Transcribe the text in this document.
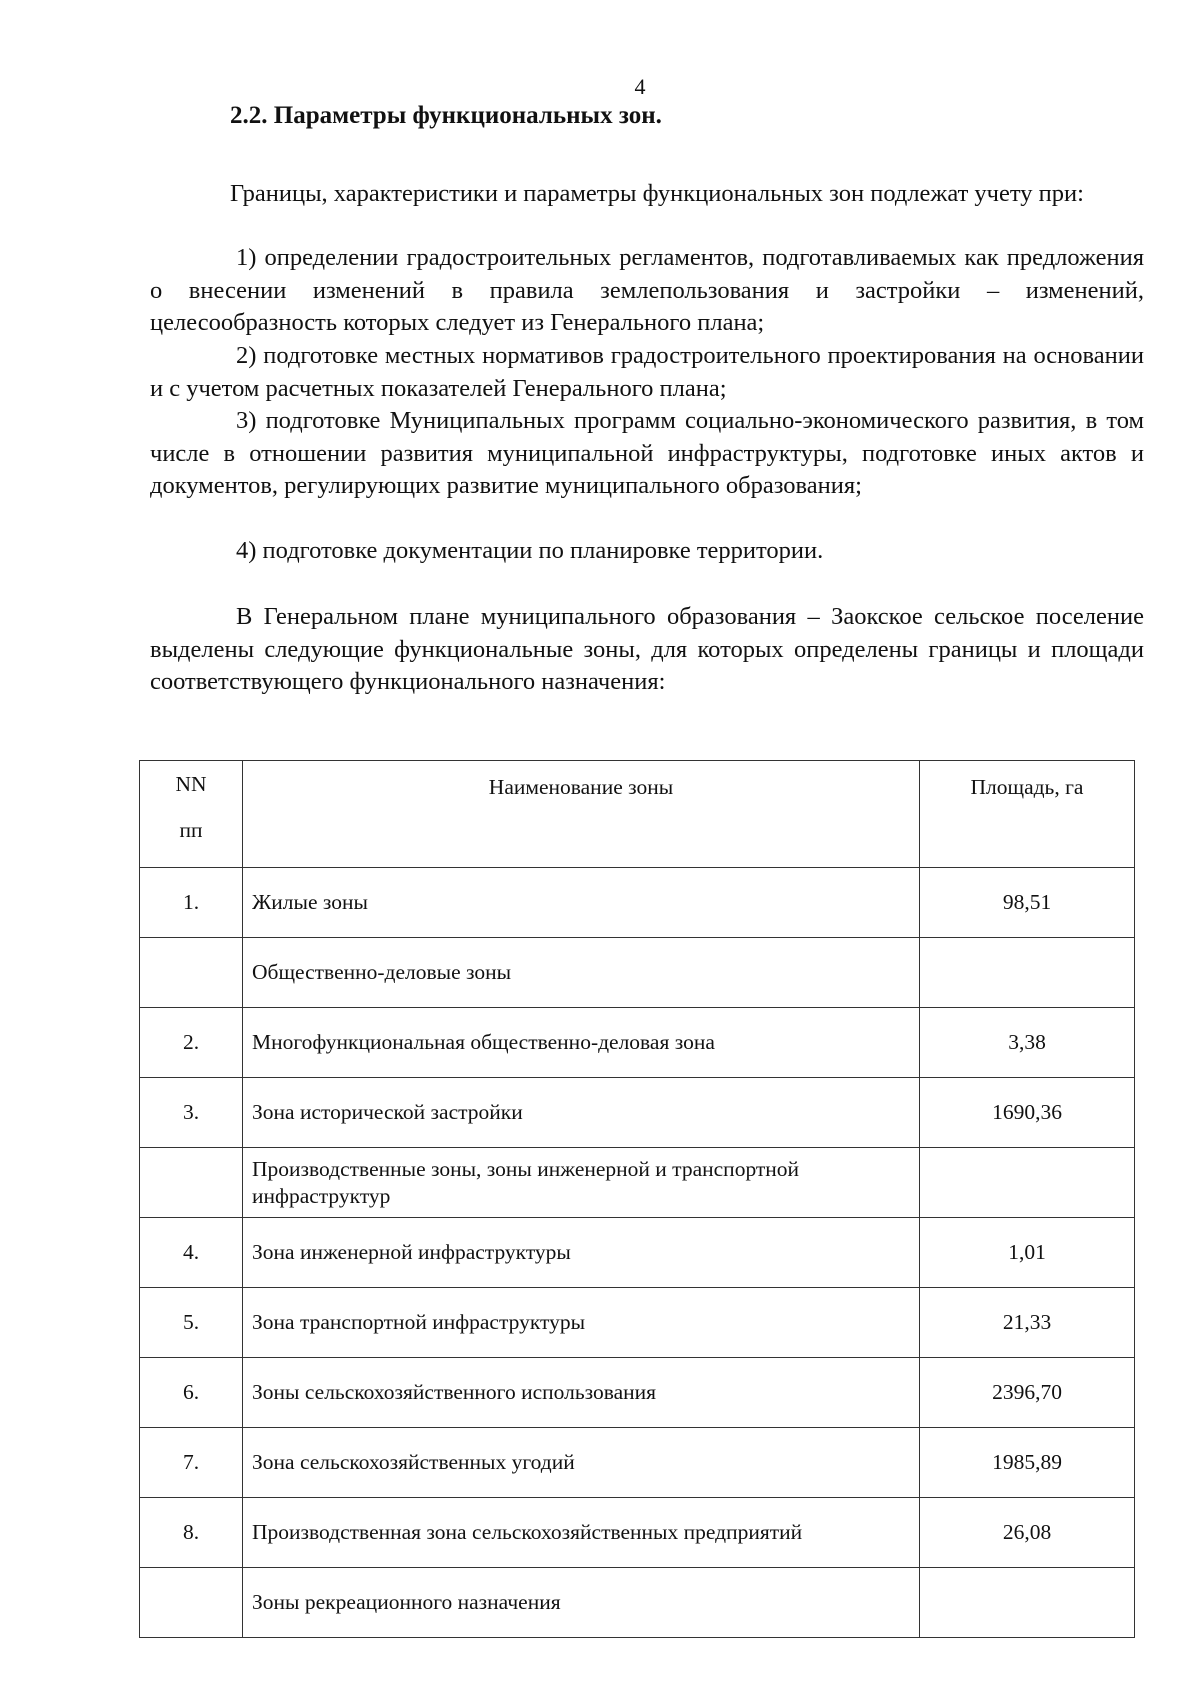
4
2.2. Параметры функциональных зон.

Границы, характеристики и параметры функциональных зон подлежат учету при:

1) определении градостроительных регламентов, подготавливаемых как предложения о внесении изменений в правила землепользования и застройки – изменений, целесообразность которых следует из Генерального плана;

2) подготовке местных нормативов градостроительного проектирования на основании и с учетом расчетных показателей Генерального плана;

3) подготовке Муниципальных программ социально-экономического развития, в том числе в отношении развития муниципальной инфраструктуры, подготовке иных актов и документов, регулирующих развитие муниципального образования;

4) подготовке документации по планировке территории.

В Генеральном плане муниципального образования – Заокское сельское поселение выделены следующие функциональные зоны, для которых определены границы и площади соответствующего функционального назначения:

NN
пп	Наименование зоны	Площадь, га
1.	Жилые зоны	98,51
	Общественно-деловые зоны	
2.	Многофункциональная общественно-деловая зона	3,38
3.	Зона исторической застройки	1690,36
	Производственные зоны, зоны инженерной и транспортной инфраструктур	
4.	Зона инженерной инфраструктуры	1,01
5.	Зона транспортной инфраструктуры	21,33
6.	Зоны сельскохозяйственного использования	2396,70
7.	Зона сельскохозяйственных угодий	1985,89
8.	Производственная зона сельскохозяйственных предприятий	26,08
	Зоны рекреационного назначения	
